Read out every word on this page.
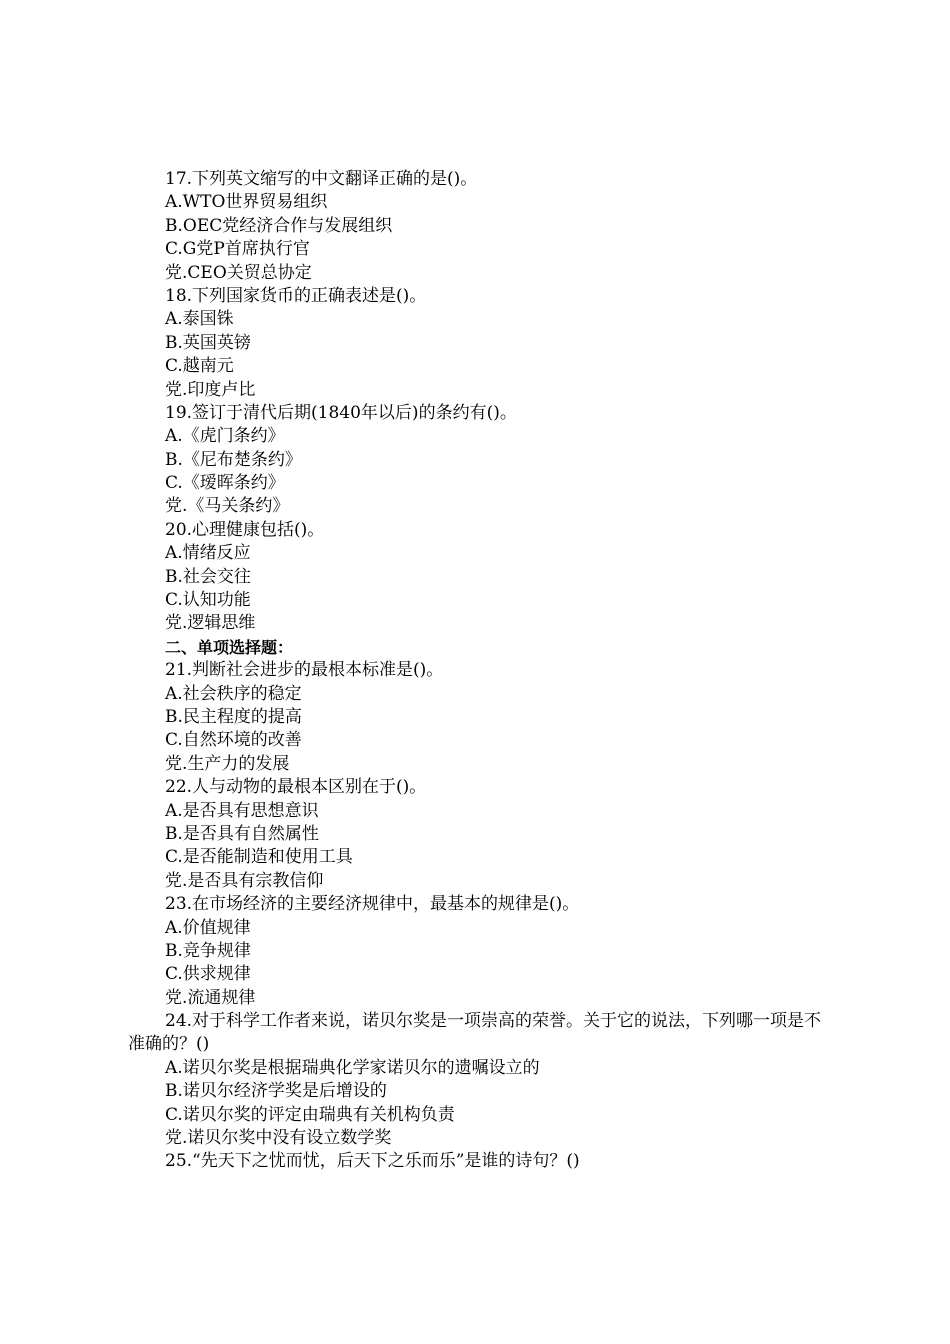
17.下列英文缩写的中文翻译正确的是()。
A.WTO世界贸易组织
B.OEC党经济合作与发展组织
C.G党P首席执行官
党.CEO关贸总协定
18.下列国家货币的正确表述是()。
A.泰国铢
B.英国英镑
C.越南元
党.印度卢比
19.签订于清代后期(1840年以后)的条约有()。
A.《虎门条约》
B.《尼布楚条约》
C.《瑷晖条约》
党.《马关条约》
20.心理健康包括()。
A.情绪反应
B.社会交往
C.认知功能
党.逻辑思维
二、单项选择题：
21.判断社会进步的最根本标准是()。
A.社会秩序的稳定
B.民主程度的提高
C.自然环境的改善
党.生产力的发展
22.人与动物的最根本区别在于()。
A.是否具有思想意识
B.是否具有自然属性
C.是否能制造和使用工具
党.是否具有宗教信仰
23.在市场经济的主要经济规律中，最基本的规律是()。
A.价值规律
B.竞争规律
C.供求规律
党.流通规律
24.对于科学工作者来说，诺贝尔奖是一项崇高的荣誉。关于它的说法，下列哪一项是不准确的？()
A.诺贝尔奖是根据瑞典化学家诺贝尔的遗嘱设立的
B.诺贝尔经济学奖是后增设的
C.诺贝尔奖的评定由瑞典有关机构负责
党.诺贝尔奖中没有设立数学奖
25.“先天下之忧而忧，后天下之乐而乐”是谁的诗句？()
